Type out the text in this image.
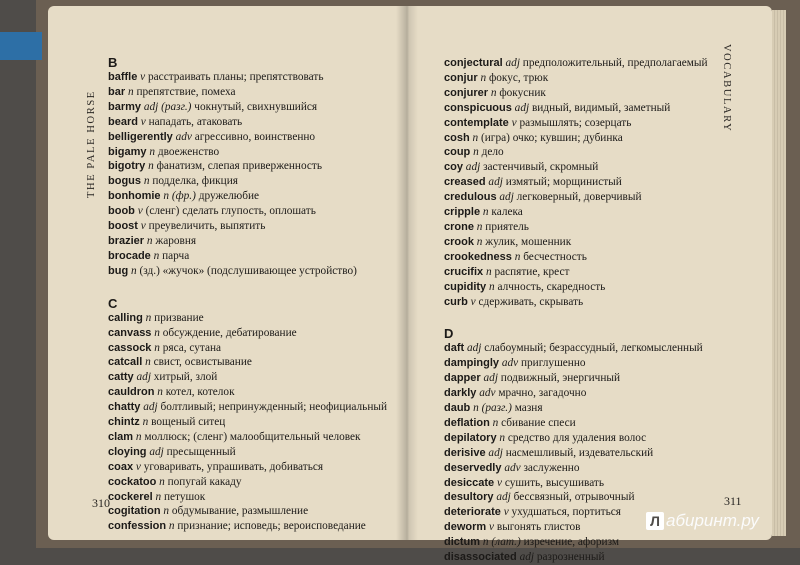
THE PALE HORSE
B
baffle v расстраивать планы; препятствовать
bar n препятствие, помеха
barmy adj (разг.) чокнутый, свихнувшийся
beard v нападать, атаковать
belligerently adv агрессивно, воинственно
bigamy n двоеженство
bigotry n фанатизм, слепая приверженность
bogus n подделка, фикция
bonhomie n (фр.) дружелюбие
boob v (сленг) сделать глупость, оплошать
boost v преувеличить, выпятить
brazier n жаровня
brocade n парча
bug n (зд.) «жучок» (подслушивающее устройство)
C
calling n призвание
canvass n обсуждение, дебатирование
cassock n ряса, сутана
catcall n свист, освистывание
catty adj хитрый, злой
cauldron n котел, котелок
chatty adj болтливый; непринужденный; неофициальный
chintz n вощеный ситец
clam n моллюск; (сленг) малообщительный человек
cloying adj пресыщенный
coax v уговаривать, упрашивать, добиваться
cockatoo n попугай какаду
cockerel n петушок
cogitation n обдумывание, размышление
confession n признание; исповедь; вероисповедание
310
VOCABULARY
conjectural adj предположительный, предполагаемый
conjur n фокус, трюк
conjurer n фокусник
conspicuous adj видный, видимый, заметный
contemplate v размышлять; созерцать
cosh n (игра) очко; кувшин; дубинка
coup n дело
coy adj застенчивый, скромный
creased adj измятый; морщинистый
credulous adj легковерный, доверчивый
cripple n калека
crone n приятель
crook n жулик, мошенник
crookedness n бесчестность
crucifix n распятие, крест
cupidity n алчность, скаредность
curb v сдерживать, скрывать
D
daft adj слабоумный; безрассудный, легкомысленный
dampingly adv приглушенно
dapper adj подвижный, энергичный
darkly adv мрачно, загадочно
daub n (разг.) мазня
deflation n сбивание спеси
depilatory n средство для удаления волос
derisive adj насмешливый, издевательский
deservedly adv заслуженно
desiccate v сушить, высушивать
desultory adj бессвязный, отрывочный
deteriorate v ухудшаться, портиться
deworm v выгонять глистов
dictum n (лат.) изречение, афоризм
disassociated adj разрозненный
311
Л абиринт.ру
